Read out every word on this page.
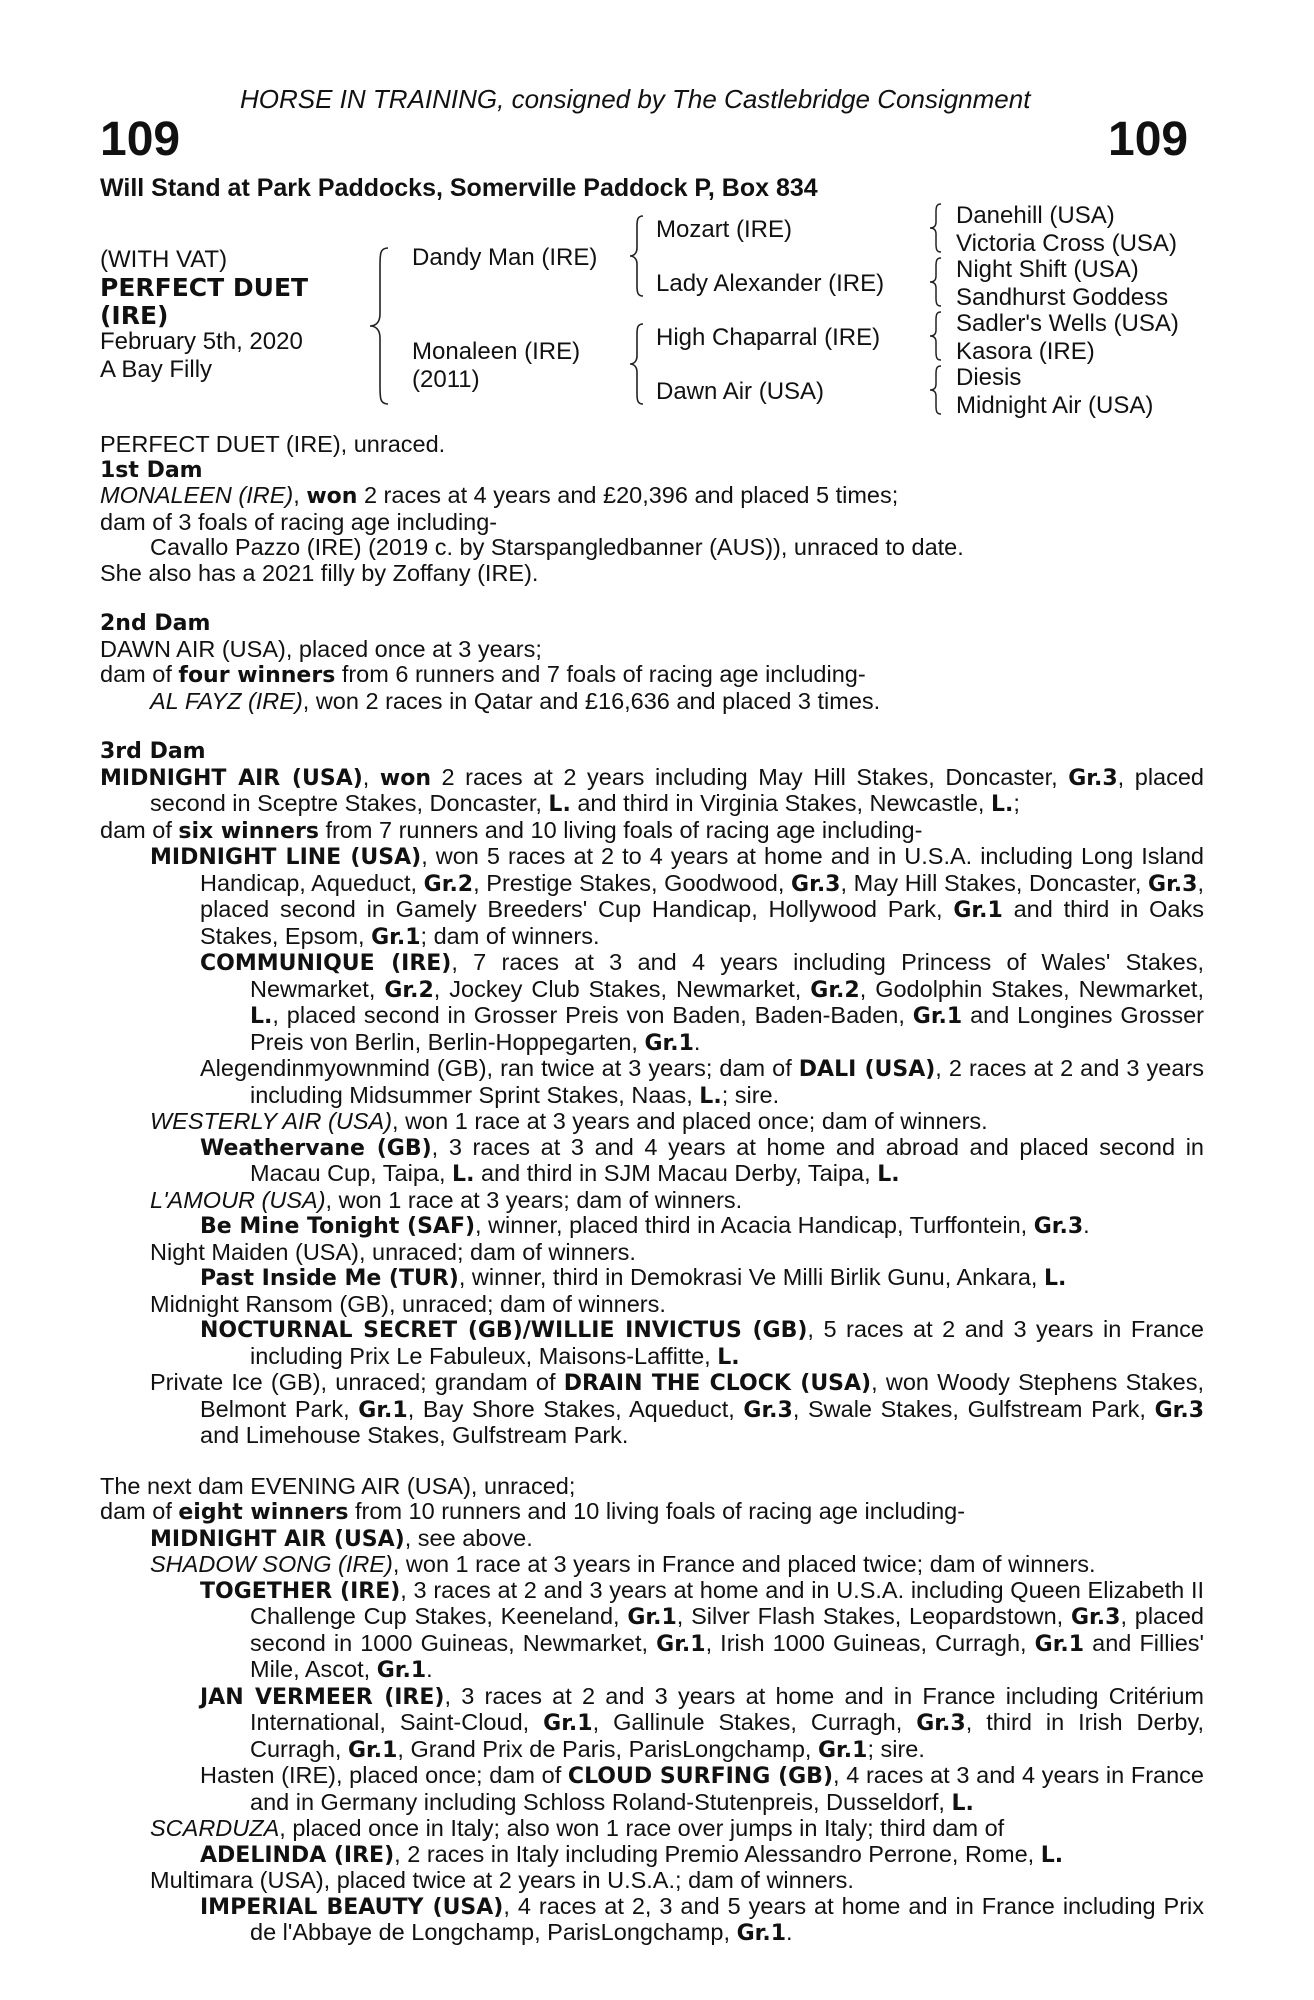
HORSE IN TRAINING, consigned by The Castlebridge Consignment
109	109
Will Stand at Park Paddocks, Somerville Paddock P, Box 834
(WITH VAT)
PERFECT DUET
(IRE)
February 5th, 2020
A Bay Filly
Dandy Man (IRE)
Monaleen (IRE)
(2011)
Mozart (IRE)
Lady Alexander (IRE)
High Chaparral (IRE)
Dawn Air (USA)
Danehill (USA)
Victoria Cross (USA)
Night Shift (USA)
Sandhurst Goddess
Sadler's Wells (USA)
Kasora (IRE)
Diesis
Midnight Air (USA)

PERFECT DUET (IRE), unraced.

1st Dam

MONALEEN (IRE), won 2 races at 4 years and £20,396 and placed 5 times;

dam of 3 foals of racing age including-

Cavallo Pazzo (IRE) (2019 c. by Starspangledbanner (AUS)), unraced to date.

She also has a 2021 filly by Zoffany (IRE).

2nd Dam

DAWN AIR (USA), placed once at 3 years;

dam of four winners from 6 runners and 7 foals of racing age including-

AL FAYZ (IRE), won 2 races in Qatar and £16,636 and placed 3 times.

3rd Dam

MIDNIGHT AIR (USA), won 2 races at 2 years including May Hill Stakes, Doncaster, Gr.3, placed second in Sceptre Stakes, Doncaster, L. and third in Virginia Stakes, Newcastle, L.;

dam of six winners from 7 runners and 10 living foals of racing age including-

MIDNIGHT LINE (USA), won 5 races at 2 to 4 years at home and in U.S.A. including Long Island Handicap, Aqueduct, Gr.2, Prestige Stakes, Goodwood, Gr.3, May Hill Stakes, Doncaster, Gr.3, placed second in Gamely Breeders' Cup Handicap, Hollywood Park, Gr.1 and third in Oaks Stakes, Epsom, Gr.1; dam of winners.

COMMUNIQUE (IRE), 7 races at 3 and 4 years including Princess of Wales' Stakes, Newmarket, Gr.2, Jockey Club Stakes, Newmarket, Gr.2, Godolphin Stakes, Newmarket, L., placed second in Grosser Preis von Baden, Baden-Baden, Gr.1 and Longines Grosser Preis von Berlin, Berlin-Hoppegarten, Gr.1.

Alegendinmyownmind (GB), ran twice at 3 years; dam of DALI (USA), 2 races at 2 and 3 years including Midsummer Sprint Stakes, Naas, L.; sire.

WESTERLY AIR (USA), won 1 race at 3 years and placed once; dam of winners.

Weathervane (GB), 3 races at 3 and 4 years at home and abroad and placed second in Macau Cup, Taipa, L. and third in SJM Macau Derby, Taipa, L.

L'AMOUR (USA), won 1 race at 3 years; dam of winners.

Be Mine Tonight (SAF), winner, placed third in Acacia Handicap, Turffontein, Gr.3.

Night Maiden (USA), unraced; dam of winners.

Past Inside Me (TUR), winner, third in Demokrasi Ve Milli Birlik Gunu, Ankara, L.

Midnight Ransom (GB), unraced; dam of winners.

NOCTURNAL SECRET (GB)/WILLIE INVICTUS (GB), 5 races at 2 and 3 years in France including Prix Le Fabuleux, Maisons-Laffitte, L.

Private Ice (GB), unraced; grandam of DRAIN THE CLOCK (USA), won Woody Stephens Stakes, Belmont Park, Gr.1, Bay Shore Stakes, Aqueduct, Gr.3, Swale Stakes, Gulfstream Park, Gr.3 and Limehouse Stakes, Gulfstream Park.

The next dam EVENING AIR (USA), unraced;

dam of eight winners from 10 runners and 10 living foals of racing age including-

MIDNIGHT AIR (USA), see above.

SHADOW SONG (IRE), won 1 race at 3 years in France and placed twice; dam of winners.

TOGETHER (IRE), 3 races at 2 and 3 years at home and in U.S.A. including Queen Elizabeth II Challenge Cup Stakes, Keeneland, Gr.1, Silver Flash Stakes, Leopardstown, Gr.3, placed second in 1000 Guineas, Newmarket, Gr.1, Irish 1000 Guineas, Curragh, Gr.1 and Fillies' Mile, Ascot, Gr.1.

JAN VERMEER (IRE), 3 races at 2 and 3 years at home and in France including Critérium International, Saint-Cloud, Gr.1, Gallinule Stakes, Curragh, Gr.3, third in Irish Derby, Curragh, Gr.1, Grand Prix de Paris, ParisLongchamp, Gr.1; sire.

Hasten (IRE), placed once; dam of CLOUD SURFING (GB), 4 races at 3 and 4 years in France and in Germany including Schloss Roland-Stutenpreis, Dusseldorf, L.

SCARDUZA, placed once in Italy; also won 1 race over jumps in Italy; third dam of

ADELINDA (IRE), 2 races in Italy including Premio Alessandro Perrone, Rome, L.

Multimara (USA), placed twice at 2 years in U.S.A.; dam of winners.

IMPERIAL BEAUTY (USA), 4 races at 2, 3 and 5 years at home and in France including Prix de l'Abbaye de Longchamp, ParisLongchamp, Gr.1.
